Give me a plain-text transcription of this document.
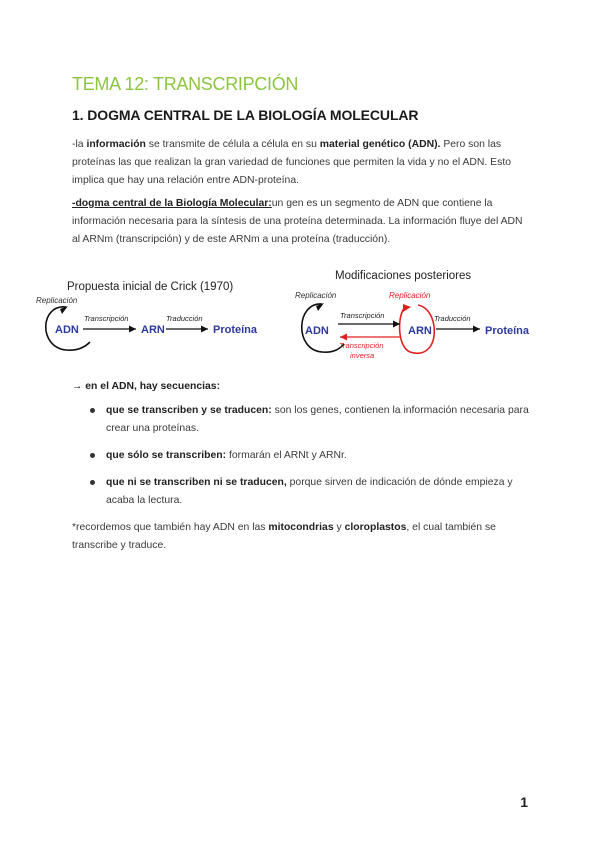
TEMA 12: TRANSCRIPCIÓN
1. DOGMA CENTRAL DE LA BIOLOGÍA MOLECULAR

-la información se transmite de célula a célula en su material genético (ADN). Pero son las proteínas las que realizan la gran variedad de funciones que permiten la vida y no el ADN. Esto implica que hay una relación entre ADN-proteína.

-dogma central de la Biología Molecular:un gen es un segmento de ADN que contiene la información necesaria para la síntesis de una proteína determinada. La información fluye del ADN al ARNm (transcripción) y de este ARNm a una proteína (traducción).

Propuesta inicial de Crick (1970)
Replicación
ADN
Transcripción
ARN
Traducción
Proteína
Modificaciones posteriores
Replicación
ADN
Replicación
ARN
Transcripción
Transcripción
inversa
Traducción
Proteína

→ en el ADN, hay secuencias:

que se transcriben y se traducen: son los genes, contienen la información necesaria para crear una proteínas.
que sólo se transcriben: formarán el ARNt y ARNr.
que ni se transcriben ni se traducen, porque sirven de indicación de dónde empieza y acaba la lectura.

*recordemos que también hay ADN en las mitocondrias y cloroplastos, el cual también se transcribe y traduce.

1
